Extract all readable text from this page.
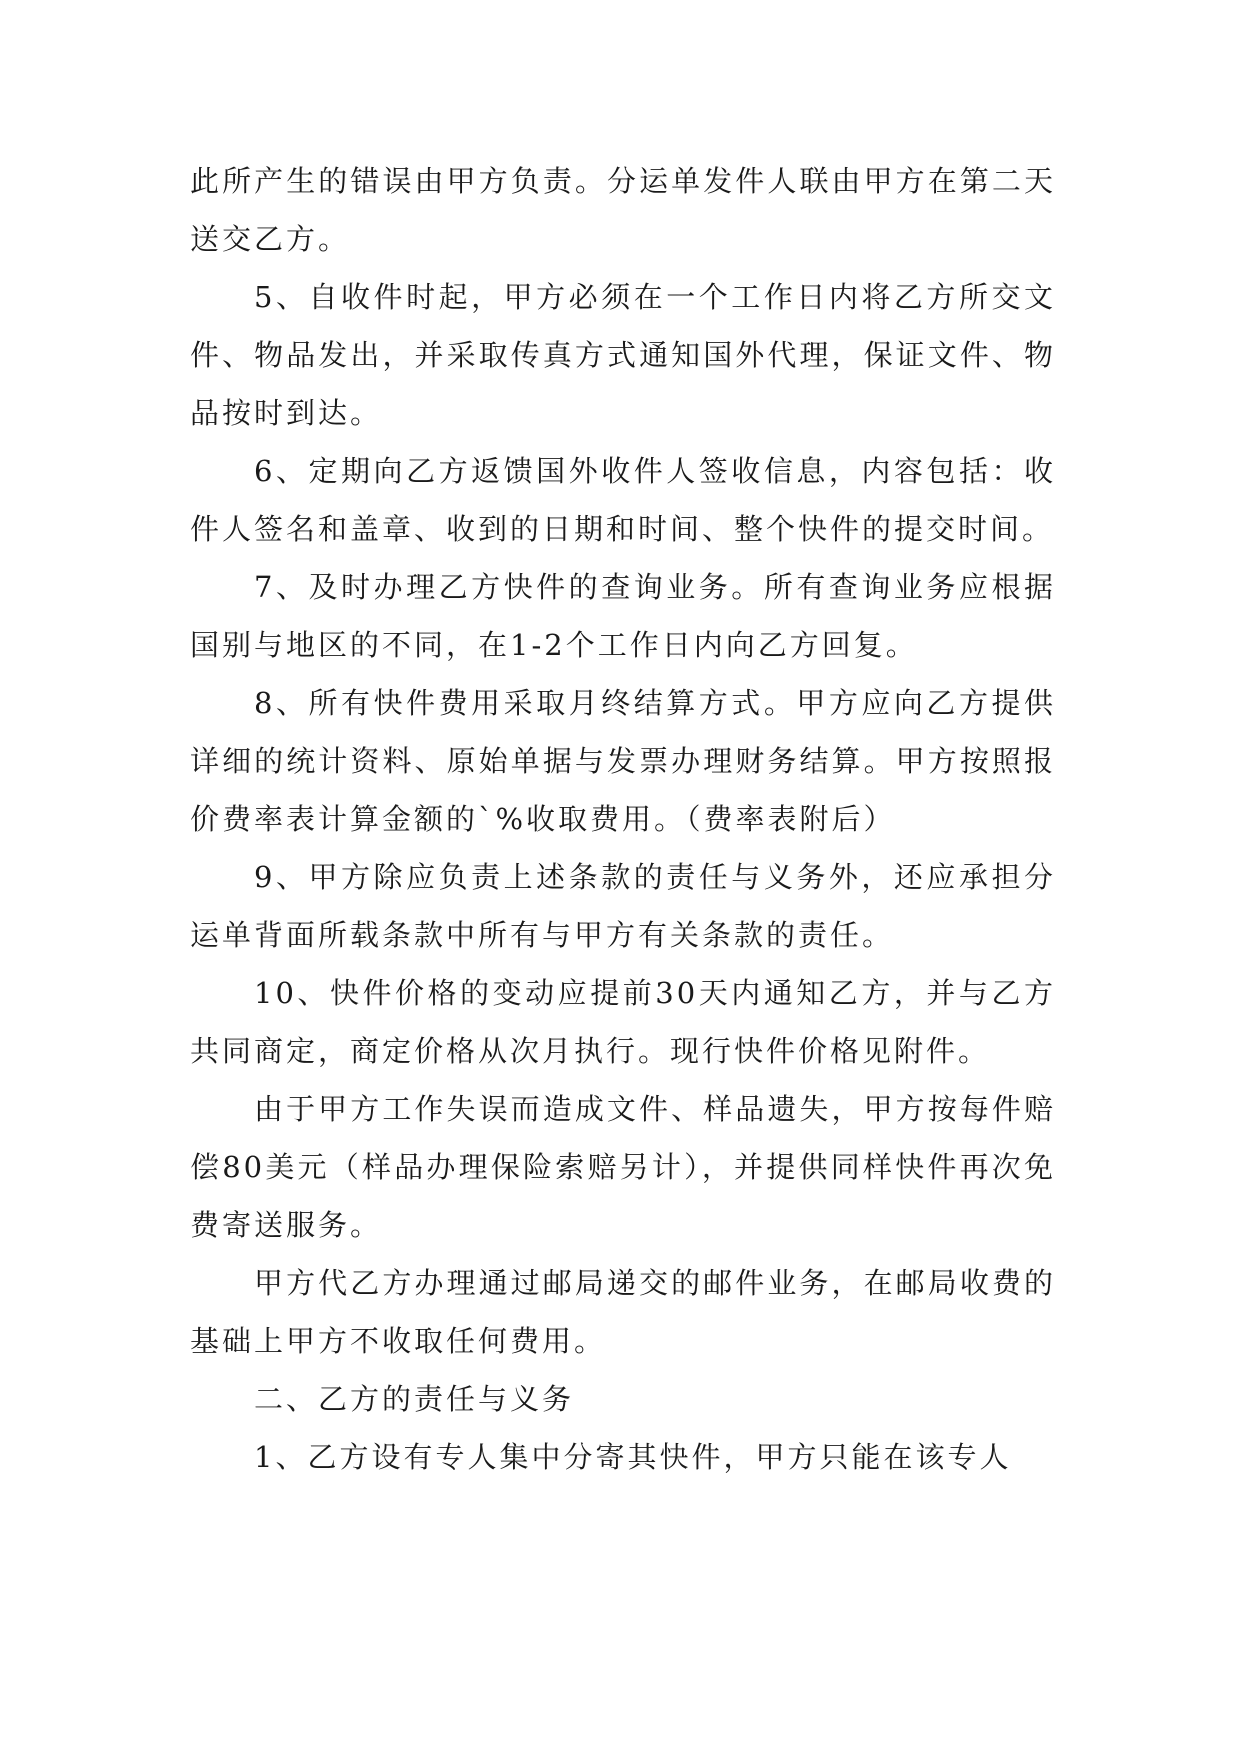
此所产生的错误由甲方负责。分运单发件人联由甲方在第二天送交乙方。

5、自收件时起，甲方必须在一个工作日内将乙方所交文件、物品发出，并采取传真方式通知国外代理，保证文件、物品按时到达。

6、定期向乙方返馈国外收件人签收信息，内容包括：收件人签名和盖章、收到的日期和时间、整个快件的提交时间。

7、及时办理乙方快件的查询业务。所有查询业务应根据国别与地区的不同，在1-2个工作日内向乙方回复。

8、所有快件费用采取月终结算方式。甲方应向乙方提供详细的统计资料、原始单据与发票办理财务结算。甲方按照报价费率表计算金额的`%收取费用。（费率表附后）

9、甲方除应负责上述条款的责任与义务外，还应承担分运单背面所载条款中所有与甲方有关条款的责任。

10、快件价格的变动应提前30天内通知乙方，并与乙方共同商定，商定价格从次月执行。现行快件价格见附件。

由于甲方工作失误而造成文件、样品遗失，甲方按每件赔偿80美元（样品办理保险索赔另计），并提供同样快件再次免费寄送服务。

甲方代乙方办理通过邮局递交的邮件业务，在邮局收费的基础上甲方不收取任何费用。

二、乙方的责任与义务

1、乙方设有专人集中分寄其快件，甲方只能在该专人
